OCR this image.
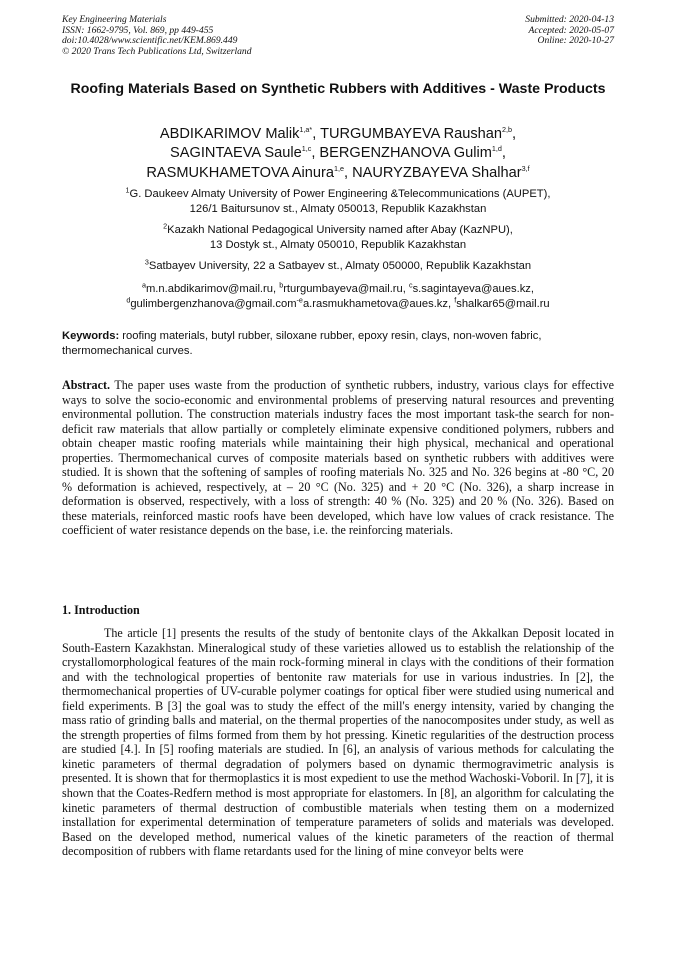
Key Engineering Materials
ISSN: 1662-9795, Vol. 869, pp 449-455
doi:10.4028/www.scientific.net/KEM.869.449
© 2020 Trans Tech Publications Ltd, Switzerland
Submitted: 2020-04-13
Accepted: 2020-05-07
Online: 2020-10-27
Roofing Materials Based on Synthetic Rubbers with Additives - Waste Products
ABDIKARIMOV Malik$^{1,a*}$, TURGUMBAYEVA Raushan$^{2,b}$,
SAGINTAEVA Saule$^{1,c}$, BERGENZHANOVA Gulim$^{1,d}$,
RASMUKHAMETOVA Ainura$^{1,e}$, NAURYZBAYEVA Shalhar$^{3,f}$
$^1$G. Daukeev Almaty University of Power Engineering &Telecommunications (AUPET),
126/1 Baitursunov st., Almaty 050013, Republik Kazakhstan
$^2$Kazakh National Pedagogical University named after Abay (KazNPU),
13 Dostyk st., Almaty 050010, Republik Kazakhstan
$^3$Satbayev University, 22 a Satbayev st., Almaty 050000, Republik Kazakhstan
$^a$m.n.abdikarimov@mail.ru, $^b$rturgumbayeva@mail.ru, $^c$s.sagintayeva@aues.kz,
$^d$gulimbergenzhanova@gmail.com$^{-e}$a.rasmukhametova@aues.kz, $^f$shalkar65@mail.ru
Keywords: roofing materials, butyl rubber, siloxane rubber, epoxy resin, clays, non-woven fabric, thermomechanical curves.
Abstract. The paper uses waste from the production of synthetic rubbers, industry, various clays for effective ways to solve the socio-economic and environmental problems of preserving natural resources and preventing environmental pollution. The construction materials industry faces the most important task-the search for non-deficit raw materials that allow partially or completely eliminate expensive conditioned polymers, rubbers and obtain cheaper mastic roofing materials while maintaining their high physical, mechanical and operational properties. Thermomechanical curves of composite materials based on synthetic rubbers with additives were studied. It is shown that the softening of samples of roofing materials No. 325 and No. 326 begins at -80 °C, 20 % deformation is achieved, respectively, at – 20 °C (No. 325) and + 20 °C (No. 326), a sharp increase in deformation is observed, respectively, with a loss of strength: 40 % (No. 325) and 20 % (No. 326). Based on these materials, reinforced mastic roofs have been developed, which have low values of crack resistance. The coefficient of water resistance depends on the base, i.e. the reinforcing materials.
1. Introduction
The article [1] presents the results of the study of bentonite clays of the Akkalkan Deposit located in South-Eastern Kazakhstan. Mineralogical study of these varieties allowed us to establish the relationship of the crystallomorphological features of the main rock-forming mineral in clays with the conditions of their formation and with the technological properties of bentonite raw materials for use in various industries. In [2], the thermomechanical properties of UV-curable polymer coatings for optical fiber were studied using numerical and field experiments. B [3] the goal was to study the effect of the mill's energy intensity, varied by changing the mass ratio of grinding balls and material, on the thermal properties of the nanocomposites under study, as well as the strength properties of films formed from them by hot pressing. Kinetic regularities of the destruction process are studied [4.]. In [5] roofing materials are studied. In [6], an analysis of various methods for calculating the kinetic parameters of thermal degradation of polymers based on dynamic thermogravimetric analysis is presented. It is shown that for thermoplastics it is most expedient to use the method Wachoski-Voboril. In [7], it is shown that the Coates-Redfern method is most appropriate for elastomers. In [8], an algorithm for calculating the kinetic parameters of thermal destruction of combustible materials when testing them on a modernized installation for experimental determination of temperature parameters of solids and materials was developed. Based on the developed method, numerical values of the kinetic parameters of the reaction of thermal decomposition of rubbers with flame retardants used for the lining of mine conveyor belts were
